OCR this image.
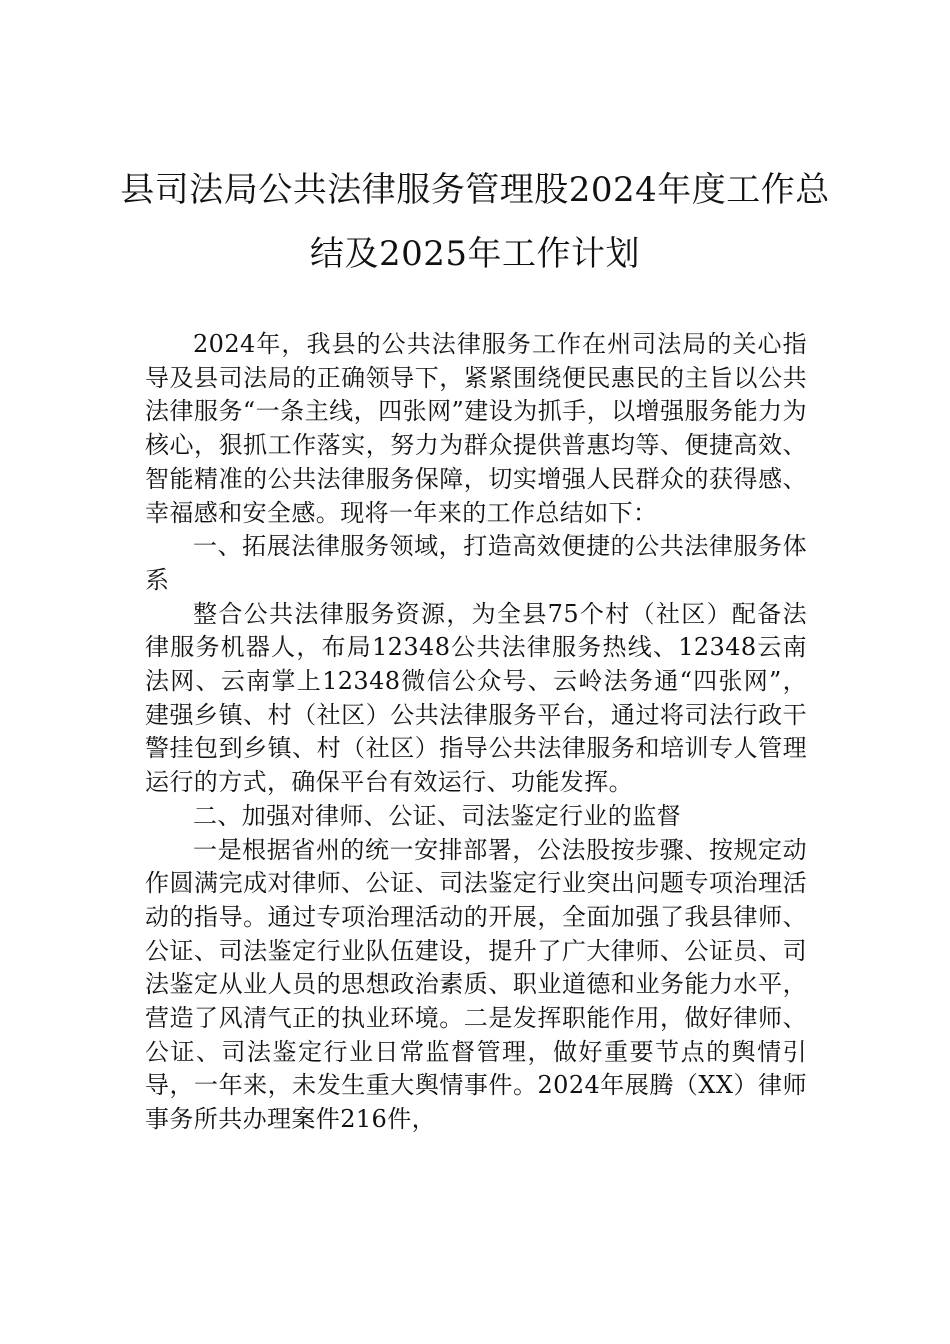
县司法局公共法律服务管理股2024年度工作总结及2025年工作计划

2024年，我县的公共法律服务工作在州司法局的关心指导及县司法局的正确领导下，紧紧围绕便民惠民的主旨以公共法律服务“一条主线，四张网”建设为抓手，以增强服务能力为核心，狠抓工作落实，努力为群众提供普惠均等、便捷高效、智能精准的公共法律服务保障，切实增强人民群众的获得感、幸福感和安全感。现将一年来的工作总结如下：

一、拓展法律服务领域，打造高效便捷的公共法律服务体系

整合公共法律服务资源，为全县75个村（社区）配备法律服务机器人，布局12348公共法律服务热线、12348云南法网、云南掌上12348微信公众号、云岭法务通“四张网”，建强乡镇、村（社区）公共法律服务平台，通过将司法行政干警挂包到乡镇、村（社区）指导公共法律服务和培训专人管理运行的方式，确保平台有效运行、功能发挥。

二、加强对律师、公证、司法鉴定行业的监督

一是根据省州的统一安排部署，公法股按步骤、按规定动作圆满完成对律师、公证、司法鉴定行业突出问题专项治理活动的指导。通过专项治理活动的开展，全面加强了我县律师、公证、司法鉴定行业队伍建设，提升了广大律师、公证员、司法鉴定从业人员的思想政治素质、职业道德和业务能力水平，营造了风清气正的执业环境。二是发挥职能作用，做好律师、公证、司法鉴定行业日常监督管理，做好重要节点的舆情引导，一年来，未发生重大舆情事件。2024年展腾（XX）律师事务所共办理案件216件，
